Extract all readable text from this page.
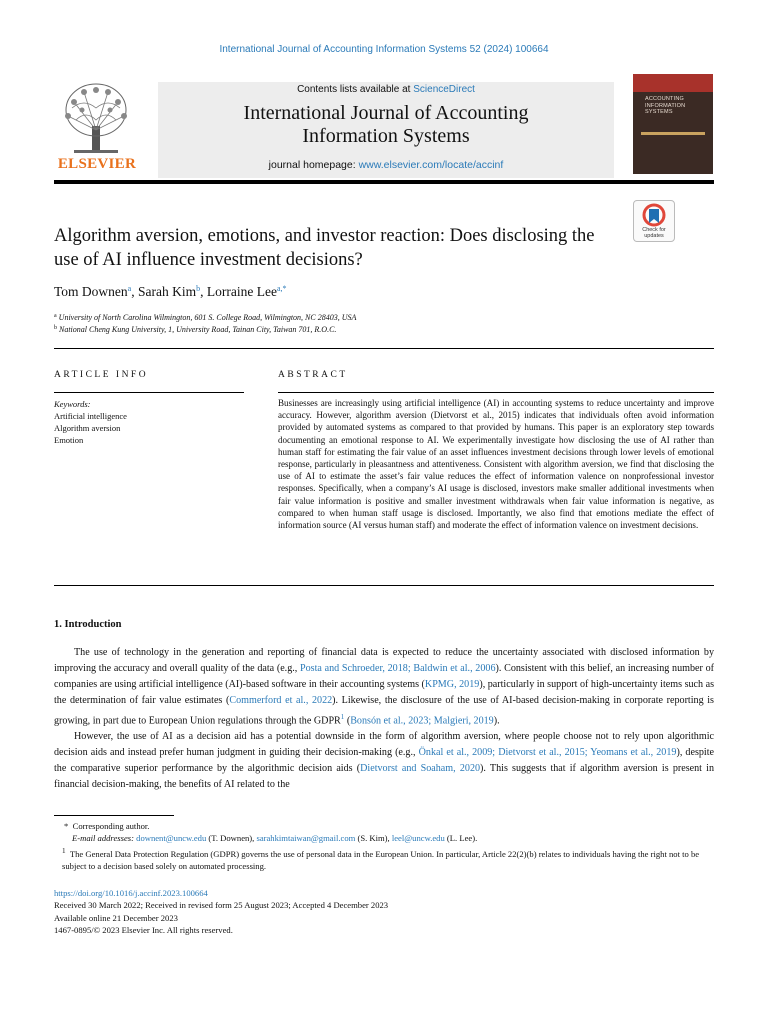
International Journal of Accounting Information Systems 52 (2024) 100664
ELSEVIER
Contents lists available at ScienceDirect
International Journal of Accounting
Information Systems
journal homepage: www.elsevier.com/locate/accinf
ACCOUNTING INFORMATION SYSTEMS
Check for updates
Algorithm aversion, emotions, and investor reaction: Does disclosing the use of AI influence investment decisions?
Tom Downen$^a$, Sarah Kim$^b$, Lorraine Lee$^{a,*}$
$^a$ University of North Carolina Wilmington, 601 S. College Road, Wilmington, NC 28403, USA
$^b$ National Cheng Kung University, 1, University Road, Tainan City, Taiwan 701, R.O.C.
ARTICLE INFO
Keywords:
Artificial intelligence
Algorithm aversion
Emotion
ABSTRACT
Businesses are increasingly using artificial intelligence (AI) in accounting systems to reduce uncertainty and improve accuracy. However, algorithm aversion (Dietvorst et al., 2015) indicates that individuals often avoid information provided by automated systems as compared to that provided by humans. This paper is an exploratory step towards documenting an emotional response to AI. We experimentally investigate how disclosing the use of AI rather than human staff for estimating the fair value of an asset influences investment decisions through lower levels of emotional response, particularly in pleasantness and attentiveness. Consistent with algorithm aversion, we find that disclosing the use of AI to estimate the asset’s fair value reduces the effect of information valence on nonprofessional investor responses. Specifically, when a company’s AI usage is disclosed, investors make smaller additional investments when fair value information is positive and smaller investment withdrawals when fair value information is negative, as compared to when human staff usage is disclosed. Importantly, we also find that emotions mediate the effect of information source (AI versus human staff) and moderate the effect of information valence on investment decisions.
1. Introduction

The use of technology in the generation and reporting of financial data is expected to reduce the uncertainty associated with disclosed information by improving the accuracy and overall quality of the data (e.g., Posta and Schroeder, 2018; Baldwin et al., 2006). Consistent with this belief, an increasing number of companies are using artificial intelligence (AI)-based software in their accounting systems (KPMG, 2019), particularly in support of high-uncertainty items such as the determination of fair value estimates (Commerford et al., 2022). Likewise, the disclosure of the use of AI-based decision-making in corporate reporting is growing, in part due to European Union regulations through the GDPR$^1$ (Bonsón et al., 2023; Malgieri, 2019).

However, the use of AI as a decision aid has a potential downside in the form of algorithm aversion, where people choose not to rely upon algorithmic decision aids and instead prefer human judgment in guiding their decision-making (e.g., Önkal et al., 2009; Dietvorst et al., 2015; Yeomans et al., 2019), despite the comparative superior performance by the algorithmic decision aids (Dietvorst and Soaham, 2020). This suggests that if algorithm aversion is present in financial decision-making, the benefits of AI related to the

*  Corresponding author.

E-mail addresses: downent@uncw.edu (T. Downen), sarahkimtaiwan@gmail.com (S. Kim), leel@uncw.edu (L. Lee).

$^1$ The General Data Protection Regulation (GDPR) governs the use of personal data in the European Union. In particular, Article 22(2)(b) relates to individuals having the right not to be subject to a decision based solely on automated processing.

https://doi.org/10.1016/j.accinf.2023.100664

Received 30 March 2022; Received in revised form 25 August 2023; Accepted 4 December 2023

Available online 21 December 2023

1467-0895/© 2023 Elsevier Inc. All rights reserved.
